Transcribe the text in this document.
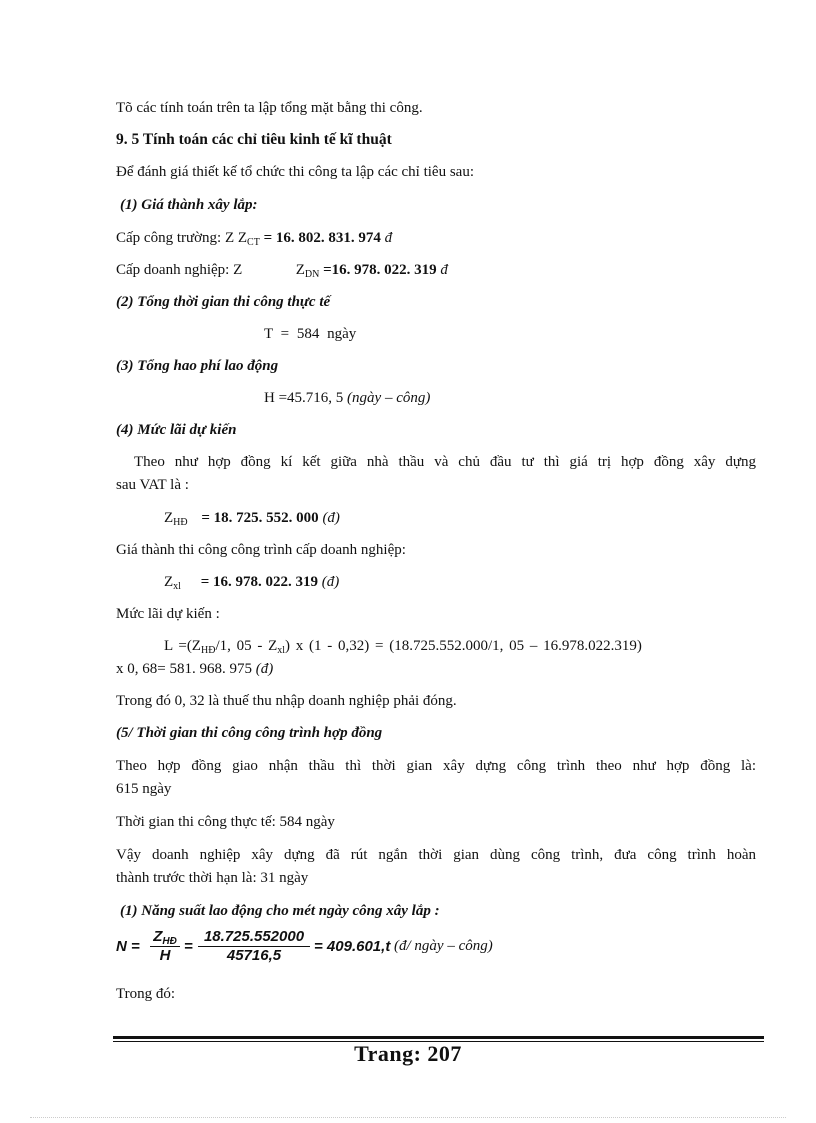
Tõ các tính toán trên ta lập tổng mặt bằng thi công.
9. 5 Tính toán các chỉ tiêu kinh tế kĩ thuật
Để đánh giá thiết kế tổ chức thi công ta lập các chỉ tiêu sau:
(1) Giá thành xây lắp:
Cấp công trường: Z $Z_{CT} = 16$. 802. 831. 974 đ
Cấp doanh nghiệp: Z	$Z_{DN} =16$. 978. 022. 319 đ
(2) Tổng thời gian thi công thực tế
T = 584 ngày
(3) Tổng hao phí lao động
H =45.716, 5 (ngày – công)
(4) Mức lãi dự kiến
Theo như hợp đồng kí kết giữa nhà thầu và chủ đầu tư thì giá trị hợp đồng xây dựng
sau VAT là :
$Z_{HĐ} = 18$. 725. 552. 000 (đ)
Giá thành thi công công trình cấp doanh nghiệp:
$Z_{xl} = 16$. 978. 022. 319 (đ)
Mức lãi dự kiến :
$L =(Z_{HĐ}/1$, $05 - Z_{xl}$) x (1 - 0,32) = (18.725.552.000/1, 05 – 16.978.022.319)
x 0, 68= 581. 968. 975 (đ)
Trong đó 0, 32 là thuế thu nhập doanh nghiệp phải đóng.
(5/ Thời gian thi công công trình hợp đồng
Theo hợp đồng giao nhận thầu thì thời gian xây dựng công trình theo như hợp đồng là:
615 ngày
Thời gian thi công thực tế: 584 ngày
Vậy doanh nghiệp xây dựng đã rút ngắn thời gian dùng công trình, đưa công trình hoàn
thành trước thời hạn là: 31 ngày
(1) Năng suất lao động cho mét ngày công xây lắp :
N =
$Z_{HĐ}$
H
= $\frac{18.725.552000}{45716,5} = 409.601,t$ (đ/ ngày – công)
Trong đó:
Trang: 207
